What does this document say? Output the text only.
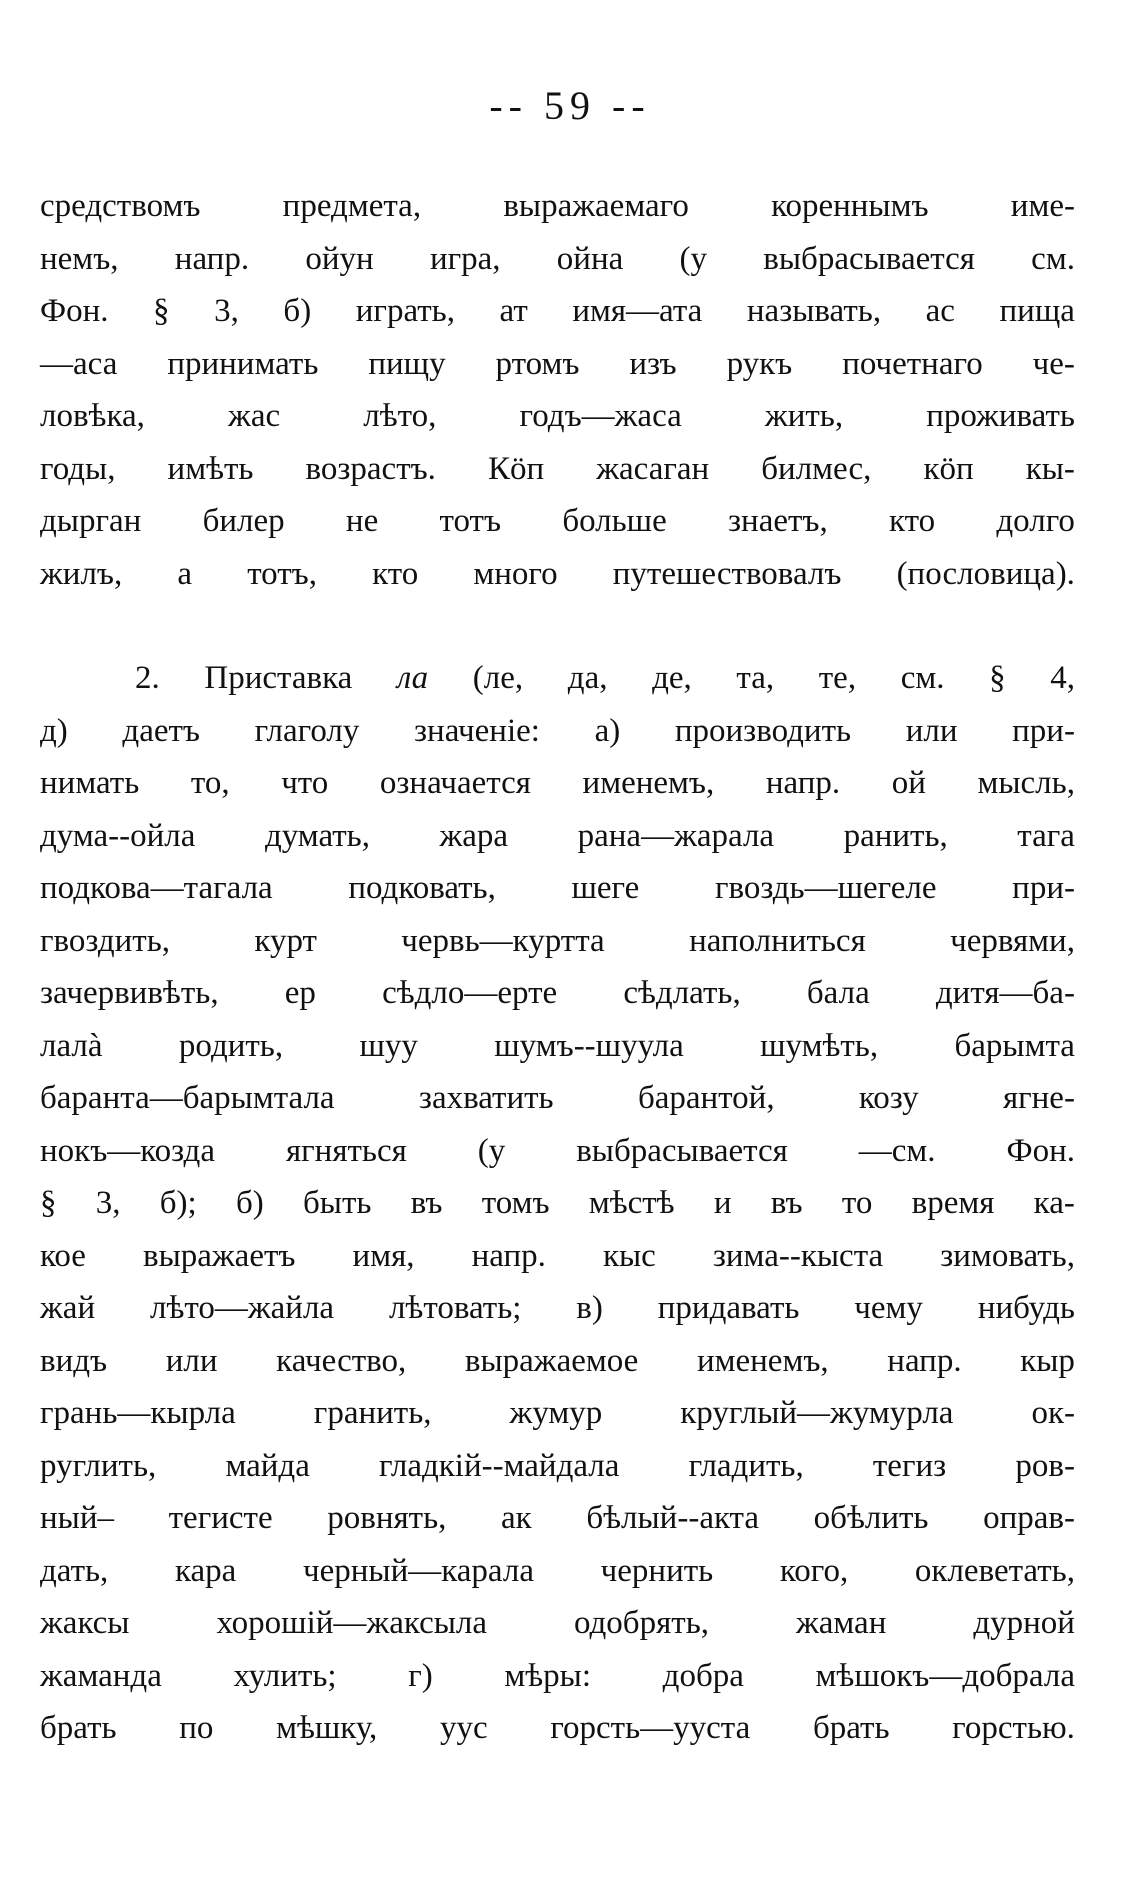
-- 59 --
средствомъ предмета, выражаемаго кореннымъ име-
немъ, напр. ойун игра, ойна (у выбрасывается см.
Фон. § 3, б) играть, ат имя—ата называть, ас пища
—аса принимать пищу ртомъ изъ рукъ почетнаго че-
ловѣка,	жас	лѣто,	годъ—жаса	жить,	проживать
годы, имѣть возрастъ. Кöп жасаган билмес, кöп кы-
дырган билер не тотъ больше знаетъ, кто долго
жилъ, а тотъ, кто много путешествовалъ (пословица).
2. Приставка ла (ле, да, де, та, те, см. § 4,
д) даетъ глаголу значенiе: а) производить или при-
нимать то, что означается именемъ, напр. ой мысль,
дума--ойла думать, жара рана—жарала ранить, тага
подкова—тагала подковать, шеге гвоздь—шегеле при-
гвоздить,	курт	червь—куртта	наполниться	червями,
зачервивѣть, ер сѣдло—ерте сѣдлать, бала дитя—ба-
лалà родить, шуу шумъ--шуула шумѣть, барымта
баранта—барымтала	захватить	барантой,	козу	ягне-
нокъ—козда ягняться (у выбрасывается —см. Фон.
§ 3, б); б) быть въ томъ мѣстѣ и въ то время ка-
кое выражаетъ имя, напр. кыс зима--кыста зимовать,
жай лѣто—жайла лѣтовать; в) придавать чему нибудь
видъ или качество, выражаемое именемъ, напр. кыр
грань—кырла гранить, жумур круглый—жумурла ок-
руглить, майда гладкiй--майдала гладить, тегиз ров-
ный– тегисте ровнять, ак бѣлый--акта обѣлить оправ-
дать, кара черный—карала чернить кого, оклеветать,
жаксы	хорошiй—жаксыла	одобрять,	жаман	дурной
жаманда хулить; г) мѣры: добра мѣшокъ—добрала
брать по мѣшку, уус горсть—ууста брать горстью.
